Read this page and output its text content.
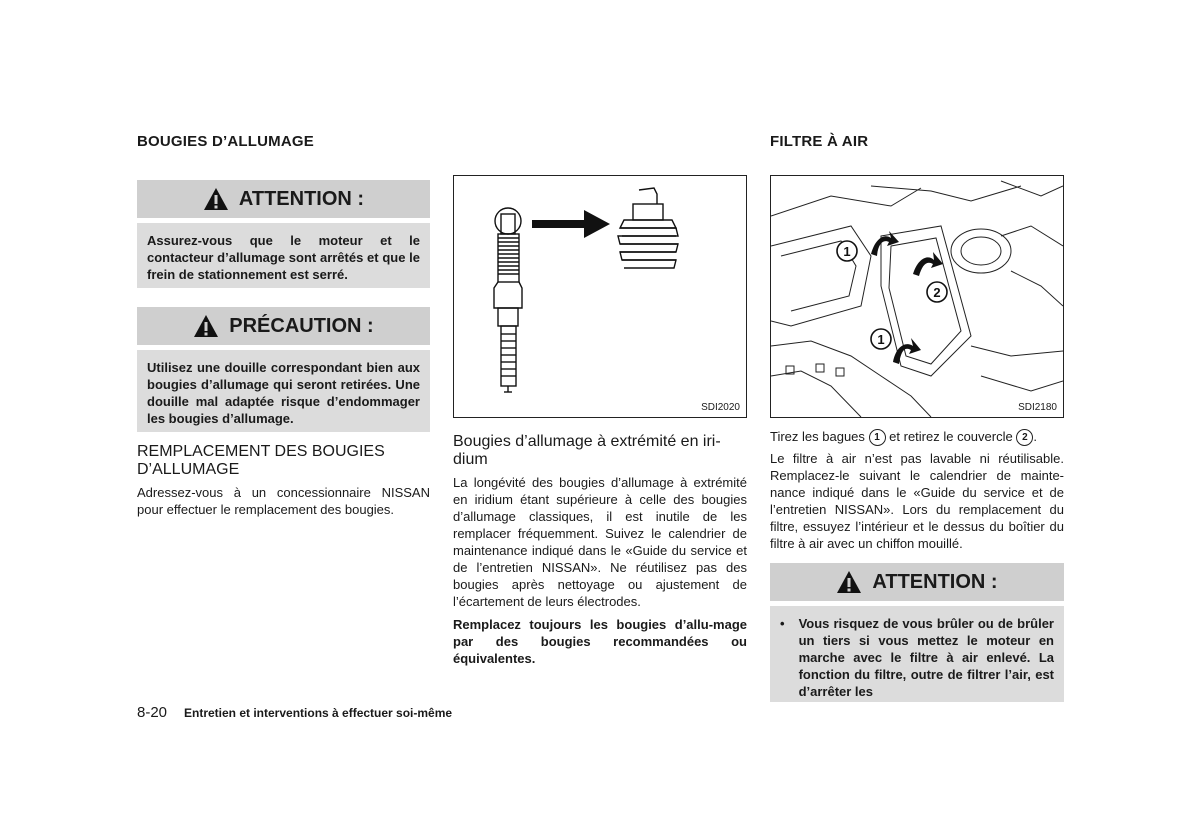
BOUGIES D’ALLUMAGE
ATTENTION :
Assurez-vous que le moteur et le contacteur d’allumage sont arrêtés et que le frein de stationnement est serré.
PRÉCAUTION :
Utilisez une douille correspondant bien aux bougies d’allumage qui seront retirées. Une douille mal adaptée risque d’endommager les bougies d’allumage.
REMPLACEMENT DES BOUGIES D’ALLUMAGE
Adressez-vous à un concessionnaire NISSAN pour effectuer le remplacement des bougies.
SDI2020
Bougies d’allumage à extrémité en iri-dium
La longévité des bougies d’allumage à extrémité en iridium étant supérieure à celle des bougies d’allumage classiques, il est inutile de les remplacer fréquemment. Suivez le calendrier de maintenance indiqué dans le «Guide du service et de l’entretien NISSAN». Ne réutilisez pas des bougies après nettoyage ou ajustement de l’écartement de leurs électrodes.
Remplacez toujours les bougies d’allu-mage par des bougies recommandées ou équivalentes.
FILTRE À AIR
1
2
1
SDI2180
Tirez les bagues 1 et retirez le couvercle 2 .
Le filtre à air n’est pas lavable ni réutilisable. Remplacez-le suivant le calendrier de mainte-nance indiqué dans le «Guide du service et de l’entretien NISSAN». Lors du remplacement du filtre, essuyez l’intérieur et le dessus du boîtier du filtre à air avec un chiffon mouillé.
ATTENTION :
• Vous risquez de vous brûler ou de brûler un tiers si vous mettez le moteur en marche avec le filtre à air enlevé. La fonction du filtre, outre de filtrer l’air, est d’arrêter les
8-20 Entretien et interventions à effectuer soi-même
